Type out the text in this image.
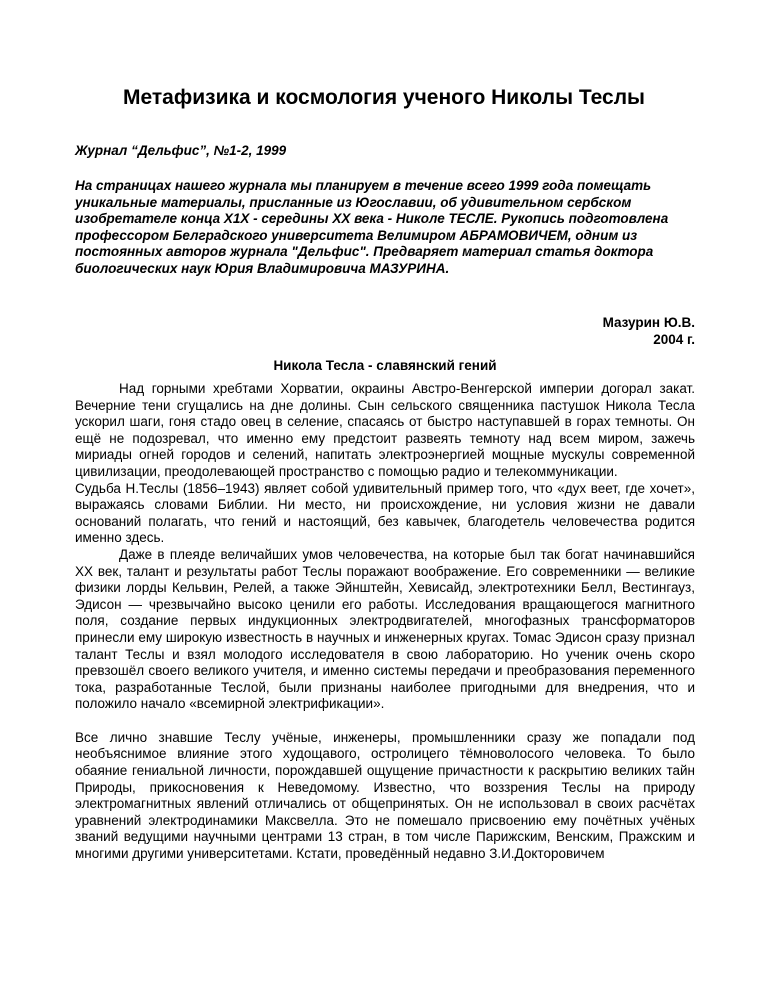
Метафизика и космология ученого Николы Теслы

Журнал “Дельфис”, №1-2, 1999

На страницах нашего журнала мы планируем в течение всего 1999 года помещать уникальные материалы, присланные из Югославии, об удивительном сербском изобретателе конца Х1Х - середины ХХ века - Николе ТЕСЛЕ. Рукопись подготовлена профессором Белградского университета Велимиром АБРАМОВИЧЕМ, одним из постоянных авторов журнала "Дельфис". Предваряет материал статья доктора биологических наук Юрия Владимировича МАЗУРИНА.

Мазурин Ю.В.
2004 г.
Никола Тесла - славянский гений

Над горными хребтами Хорватии, окраины Австро-Венгерской империи догорал закат. Вечерние тени сгущались на дне долины. Сын сельского священника пастушок Никола Тесла ускорил шаги, гоня стадо овец в селение, спасаясь от быстро наступавшей в горах темноты. Он ещё не подозревал, что именно ему предстоит развеять темноту над всем миром, зажечь мириады огней городов и селений, напитать электроэнергией мощные мускулы современной цивилизации, преодолевающей пространство с помощью радио и телекоммуникации.

Судьба Н.Теслы (1856–1943) являет собой удивительный пример того, что «дух веет, где хочет», выражаясь словами Библии. Ни место, ни происхождение, ни условия жизни не давали оснований полагать, что гений и настоящий, без кавычек, благодетель человечества родится именно здесь.

Даже в плеяде величайших умов человечества, на которые был так богат начинавшийся ХХ век, талант и результаты работ Теслы поражают воображение. Его современники — великие физики лорды Кельвин, Релей, а также Эйнштейн, Хевисайд, электротехники Белл, Вестингауз, Эдисон — чрезвычайно высоко ценили его работы. Исследования вращающегося магнитного поля, создание первых индукционных электродвигателей, многофазных трансформаторов принесли ему широкую известность в научных и инженерных кругах. Томас Эдисон сразу признал талант Теслы и взял молодого исследователя в свою лабораторию. Но ученик очень скоро превзошёл своего великого учителя, и именно системы передачи и преобразования переменного тока, разработанные Теслой, были признаны наиболее пригодными для внедрения, что и положило начало «всемирной электрификации».

Все лично знавшие Теслу учёные, инженеры, промышленники сразу же попадали под необъяснимое влияние этого худощавого, остролицего тёмноволосого человека. То было обаяние гениальной личности, порождавшей ощущение причастности к раскрытию великих тайн Природы, прикосновения к Неведомому. Известно, что воззрения Теслы на природу электромагнитных явлений отличались от общепринятых. Он не использовал в своих расчётах уравнений электродинамики Максвелла. Это не помешало присвоению ему почётных учёных званий ведущими научными центрами 13 стран, в том числе Парижским, Венским, Пражским и многими другими университетами. Кстати, проведённый недавно З.И.Докторовичем
